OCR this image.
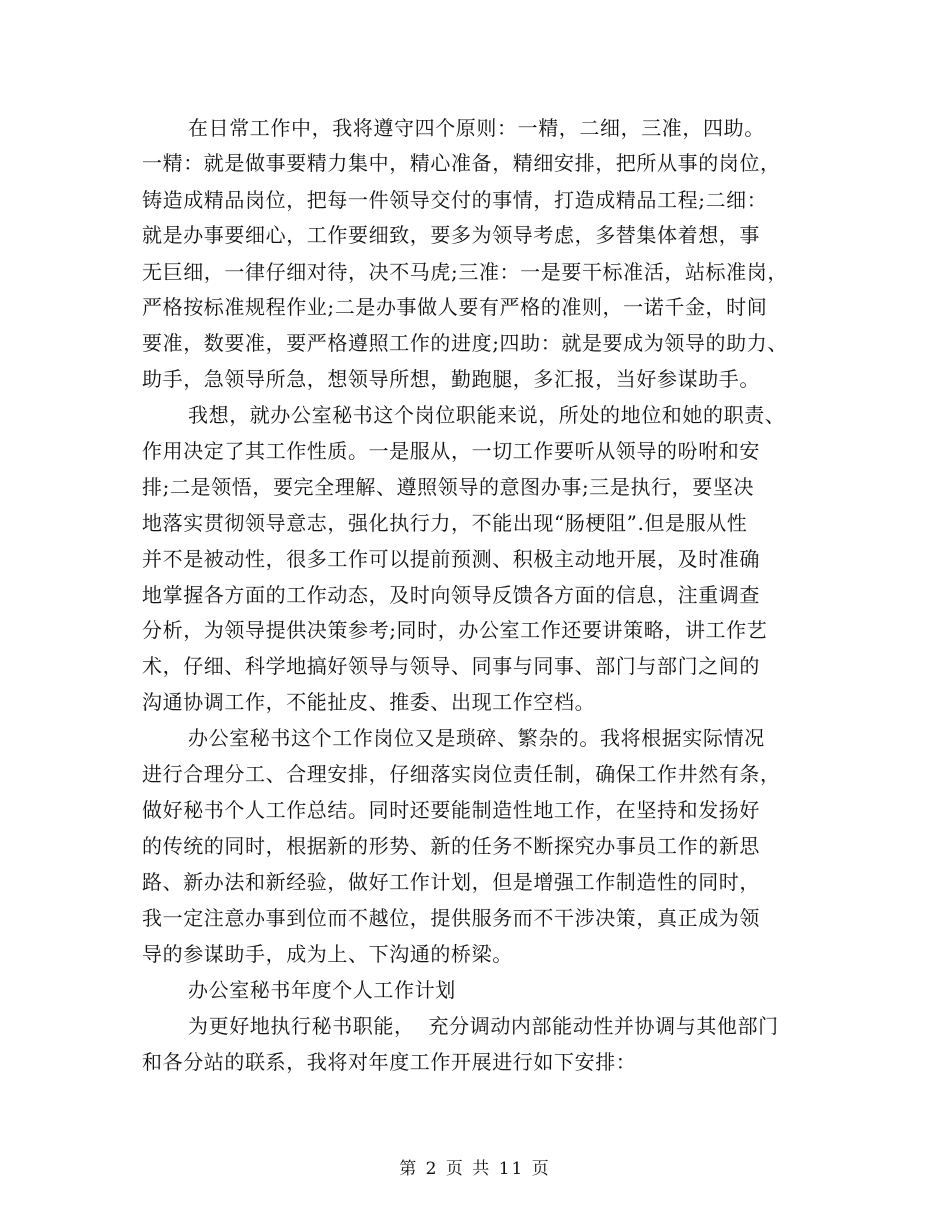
在日常工作中，我将遵守四个原则：一精，二细，三准，四助。
一精：就是做事要精力集中，精心准备，精细安排，把所从事的岗位，
铸造成精品岗位，把每一件领导交付的事情，打造成精品工程;二细：
就是办事要细心，工作要细致，要多为领导考虑，多替集体着想，事
无巨细，一律仔细对待，决不马虎;三准：一是要干标准活，站标准岗，
严格按标准规程作业;二是办事做人要有严格的准则，一诺千金，时间
要准，数要准，要严格遵照工作的进度;四助：就是要成为领导的助力、
助手，急领导所急，想领导所想，勤跑腿，多汇报，当好参谋助手。
我想，就办公室秘书这个岗位职能来说，所处的地位和她的职责、
作用决定了其工作性质。一是服从，一切工作要听从领导的吩咐和安
排;二是领悟，要完全理解、遵照领导的意图办事;三是执行，要坚决
地落实贯彻领导意志，强化执行力，不能出现“肠梗阻”.但是服从性
并不是被动性，很多工作可以提前预测、积极主动地开展，及时准确
地掌握各方面的工作动态，及时向领导反馈各方面的信息，注重调查
分析，为领导提供决策参考;同时，办公室工作还要讲策略，讲工作艺
术，仔细、科学地搞好领导与领导、同事与同事、部门与部门之间的
沟通协调工作，不能扯皮、推委、出现工作空档。
办公室秘书这个工作岗位又是琐碎、繁杂的。我将根据实际情况
进行合理分工、合理安排，仔细落实岗位责任制，确保工作井然有条，
做好秘书个人工作总结。同时还要能制造性地工作，在坚持和发扬好
的传统的同时，根据新的形势、新的任务不断探究办事员工作的新思
路、新办法和新经验，做好工作计划，但是增强工作制造性的同时，
我一定注意办事到位而不越位，提供服务而不干涉决策，真正成为领
导的参谋助手，成为上、下沟通的桥梁。
办公室秘书年度个人工作计划
为更好地执行秘书职能，  充分调动内部能动性并协调与其他部门
和各分站的联系，我将对年度工作开展进行如下安排：
第 2 页 共 11 页
